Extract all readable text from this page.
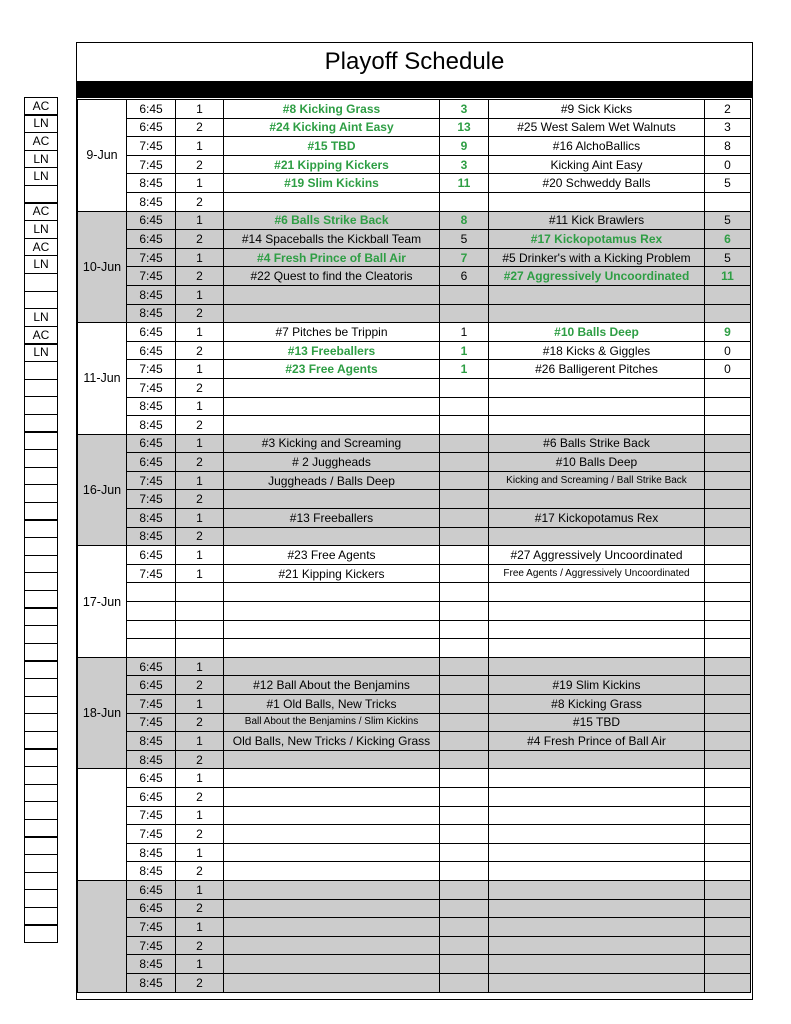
AC
LN
AC
LN
LN
AC
LN
AC
LN
LN
AC
LN
Playoff Schedule
9-Jun	6:45	1	#8 Kicking Grass	3	#9 Sick Kicks	2
	6:45	2	#24 Kicking Aint Easy	13	#25 West Salem Wet Walnuts	3
	7:45	1	#15 TBD	9	#16 AlchoBallics	8
	7:45	2	#21 Kipping Kickers	3	Kicking Aint Easy	0
	8:45	1	#19 Slim Kickins	11	#20 Schweddy Balls	5
	8:45	2				
10-Jun	6:45	1	#6 Balls Strike Back	8	#11 Kick Brawlers	5
	6:45	2	#14 Spaceballs the Kickball Team	5	#17 Kickopotamus Rex	6
	7:45	1	#4 Fresh Prince of Ball Air	7	#5 Drinker's with a Kicking Problem	5
	7:45	2	#22 Quest to find the Cleatoris	6	#27 Aggressively Uncoordinated	11
	8:45	1				
	8:45	2				
11-Jun	6:45	1	#7 Pitches be Trippin	1	#10 Balls Deep	9
	6:45	2	#13 Freeballers	1	#18 Kicks & Giggles	0
	7:45	1	#23 Free Agents	1	#26 Balligerent Pitches	0
	7:45	2				
	8:45	1				
	8:45	2				
16-Jun	6:45	1	#3 Kicking and Screaming		#6 Balls Strike Back	
	6:45	2	# 2 Juggheads		#10 Balls Deep	
	7:45	1	Juggheads / Balls Deep		Kicking and Screaming / Ball Strike Back	
	7:45	2				
	8:45	1	#13 Freeballers		#17 Kickopotamus Rex	
	8:45	2				
17-Jun	6:45	1	#23 Free Agents		#27 Aggressively Uncoordinated	
	7:45	1	#21 Kipping Kickers		Free Agents / Aggressively Uncoordinated	

18-Jun	6:45	1				
	6:45	2	#12 Ball About the Benjamins		#19 Slim Kickins	
	7:45	1	#1 Old Balls, New Tricks		#8 Kicking Grass	
	7:45	2	Ball About the Benjamins / Slim Kickins		#15 TBD	
	8:45	1	Old Balls, New Tricks / Kicking Grass		#4 Fresh Prince of Ball Air	
	8:45	2				
	6:45	1				
	6:45	2				
	7:45	1				
	7:45	2				
	8:45	1				
	8:45	2				
	6:45	1				
	6:45	2				
	7:45	1				
	7:45	2				
	8:45	1				
	8:45	2				
